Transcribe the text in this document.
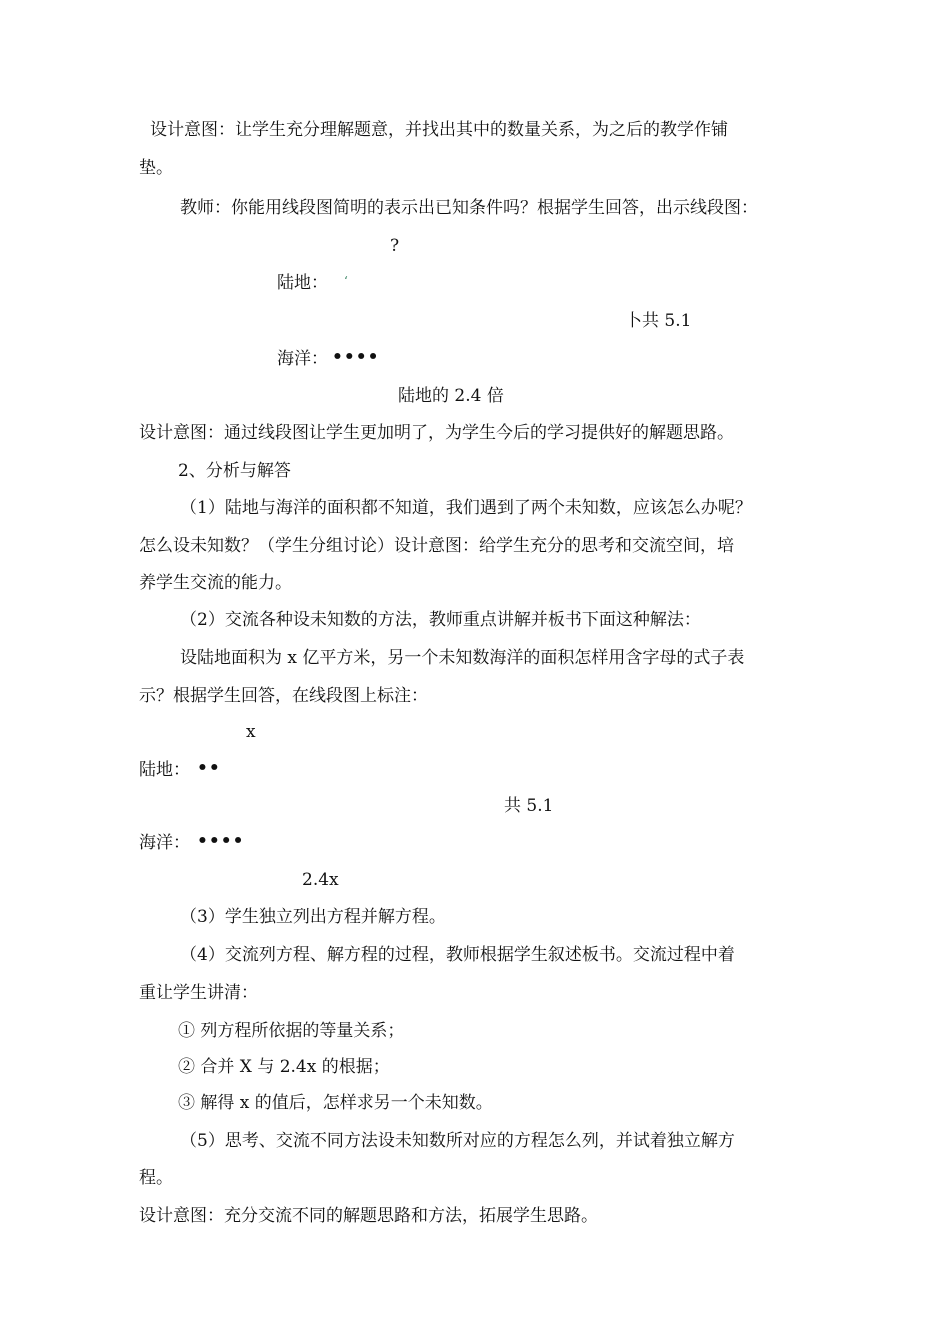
设计意图：让学生充分理解题意，并找出其中的数量关系，为之后的教学作铺
垫。
教师：你能用线段图简明的表示出已知条件吗？根据学生回答，出示线段图：
?
陆地： ‘
卜共 5.1
海洋： ••••
陆地的 2.4 倍
设计意图：通过线段图让学生更加明了，为学生今后的学习提供好的解题思路。
2、分析与解答
（1）陆地与海洋的面积都不知道，我们遇到了两个未知数，应该怎么办呢？
怎么设未知数？（学生分组讨论）设计意图：给学生充分的思考和交流空间，培
养学生交流的能力。
（2）交流各种设未知数的方法，教师重点讲解并板书下面这种解法：
设陆地面积为 x 亿平方米，另一个未知数海洋的面积怎样用含字母的式子表
示？根据学生回答，在线段图上标注：
x
陆地： ••
共 5.1
海洋： ••••
2.4x
（3）学生独立列出方程并解方程。
（4）交流列方程、解方程的过程，教师根据学生叙述板书。交流过程中着
重让学生讲清：
① 列方程所依据的等量关系；
② 合并 X 与 2.4x 的根据；
③ 解得 x 的值后，怎样求另一个未知数。
（5）思考、交流不同方法设未知数所对应的方程怎么列，并试着独立解方
程。
设计意图：充分交流不同的解题思路和方法，拓展学生思路。
